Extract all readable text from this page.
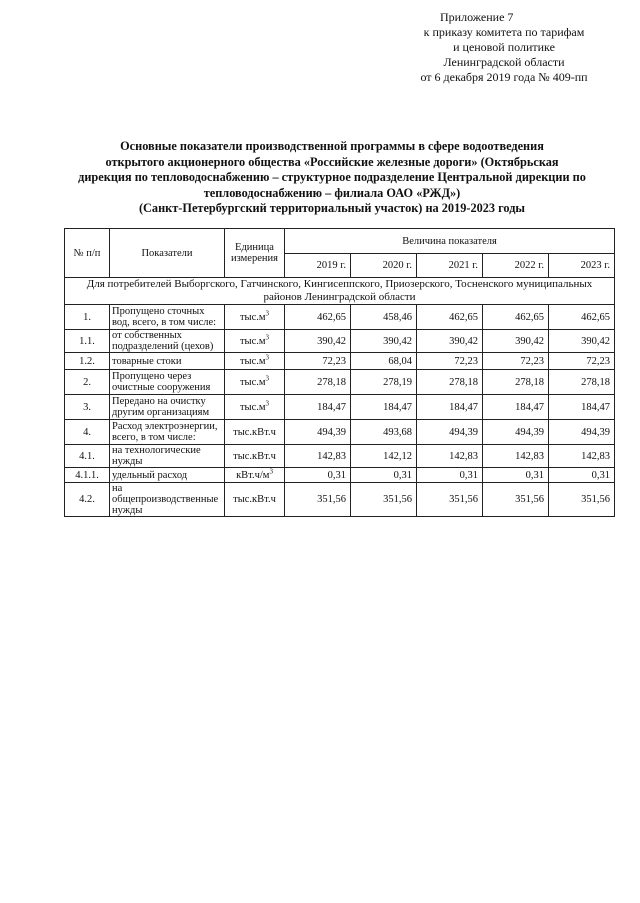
Приложение 7
к приказу комитета по тарифам
и ценовой политике
Ленинградской области
от 6 декабря 2019 года № 409-пп
Основные показатели производственной программы в сфере водоотведения
открытого акционерного общества «Российские железные дороги» (Октябрьская
дирекция по тепловодоснабжению – структурное подразделение Центральной дирекции по
тепловодоснабжению – филиала ОАО «РЖД»)
(Санкт-Петербургский территориальный участок) на 2019-2023 годы
№ п/п	Показатели	Единица измерения	Величина показателя				
			2019 г.	2020 г.	2021 г.	2022 г.	2023 г.
Для потребителей Выборгского, Гатчинского, Кингисеппского, Приозерского, Тосненского муниципальных районов Ленинградской области							
1.	Пропущено сточных вод, всего, в том числе:	$тыс.м^3$	462,65	458,46	462,65	462,65	462,65
1.1.	от собственных подразделений (цехов)	$тыс.м^3$	390,42	390,42	390,42	390,42	390,42
1.2.	товарные стоки	$тыс.м^3$	72,23	68,04	72,23	72,23	72,23
2.	Пропущено через очистные сооружения	$тыс.м^3$	278,18	278,19	278,18	278,18	278,18
3.	Передано на очистку другим организациям	$тыс.м^3$	184,47	184,47	184,47	184,47	184,47
4.	Расход электроэнергии, всего, в том числе:	тыс.кВт.ч	494,39	493,68	494,39	494,39	494,39
4.1.	на технологические нужды	тыс.кВт.ч	142,83	142,12	142,83	142,83	142,83
4.1.1.	удельный расход	$кВт.ч/м^3$	0,31	0,31	0,31	0,31	0,31
4.2.	на общепроизводственные нужды	тыс.кВт.ч	351,56	351,56	351,56	351,56	351,56
